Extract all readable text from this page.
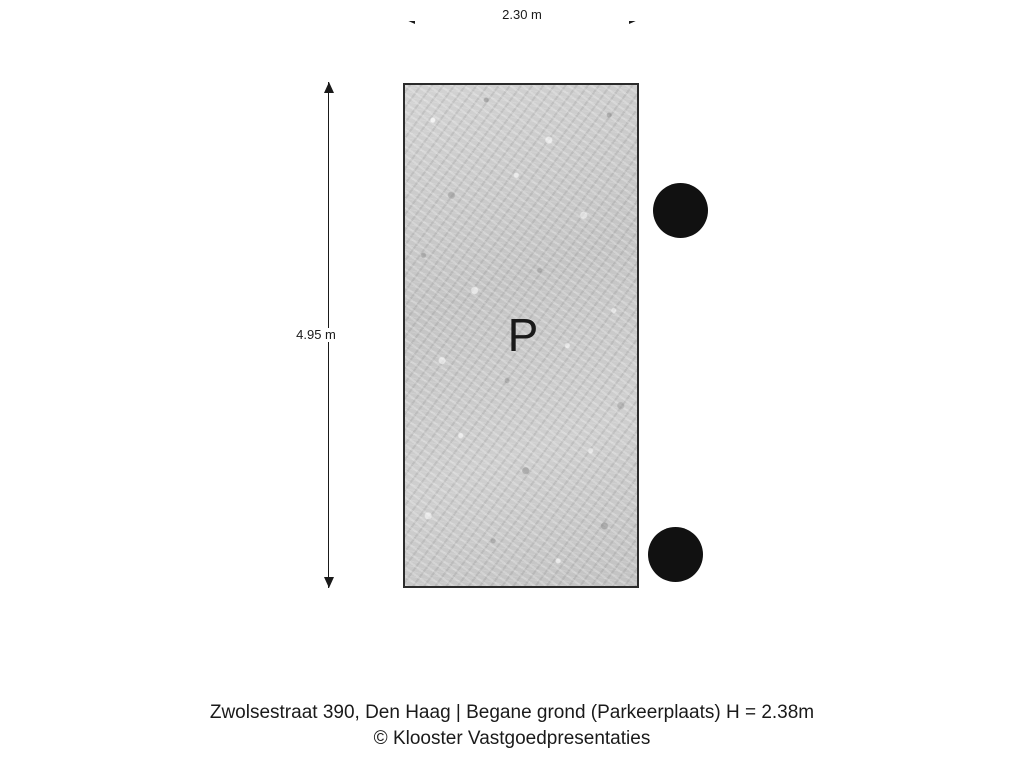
2.30 m
4.95 m	P
Zwolsestraat 390, Den Haag | Begane grond (Parkeerplaats) H = 2.38m
© Klooster Vastgoedpresentaties
